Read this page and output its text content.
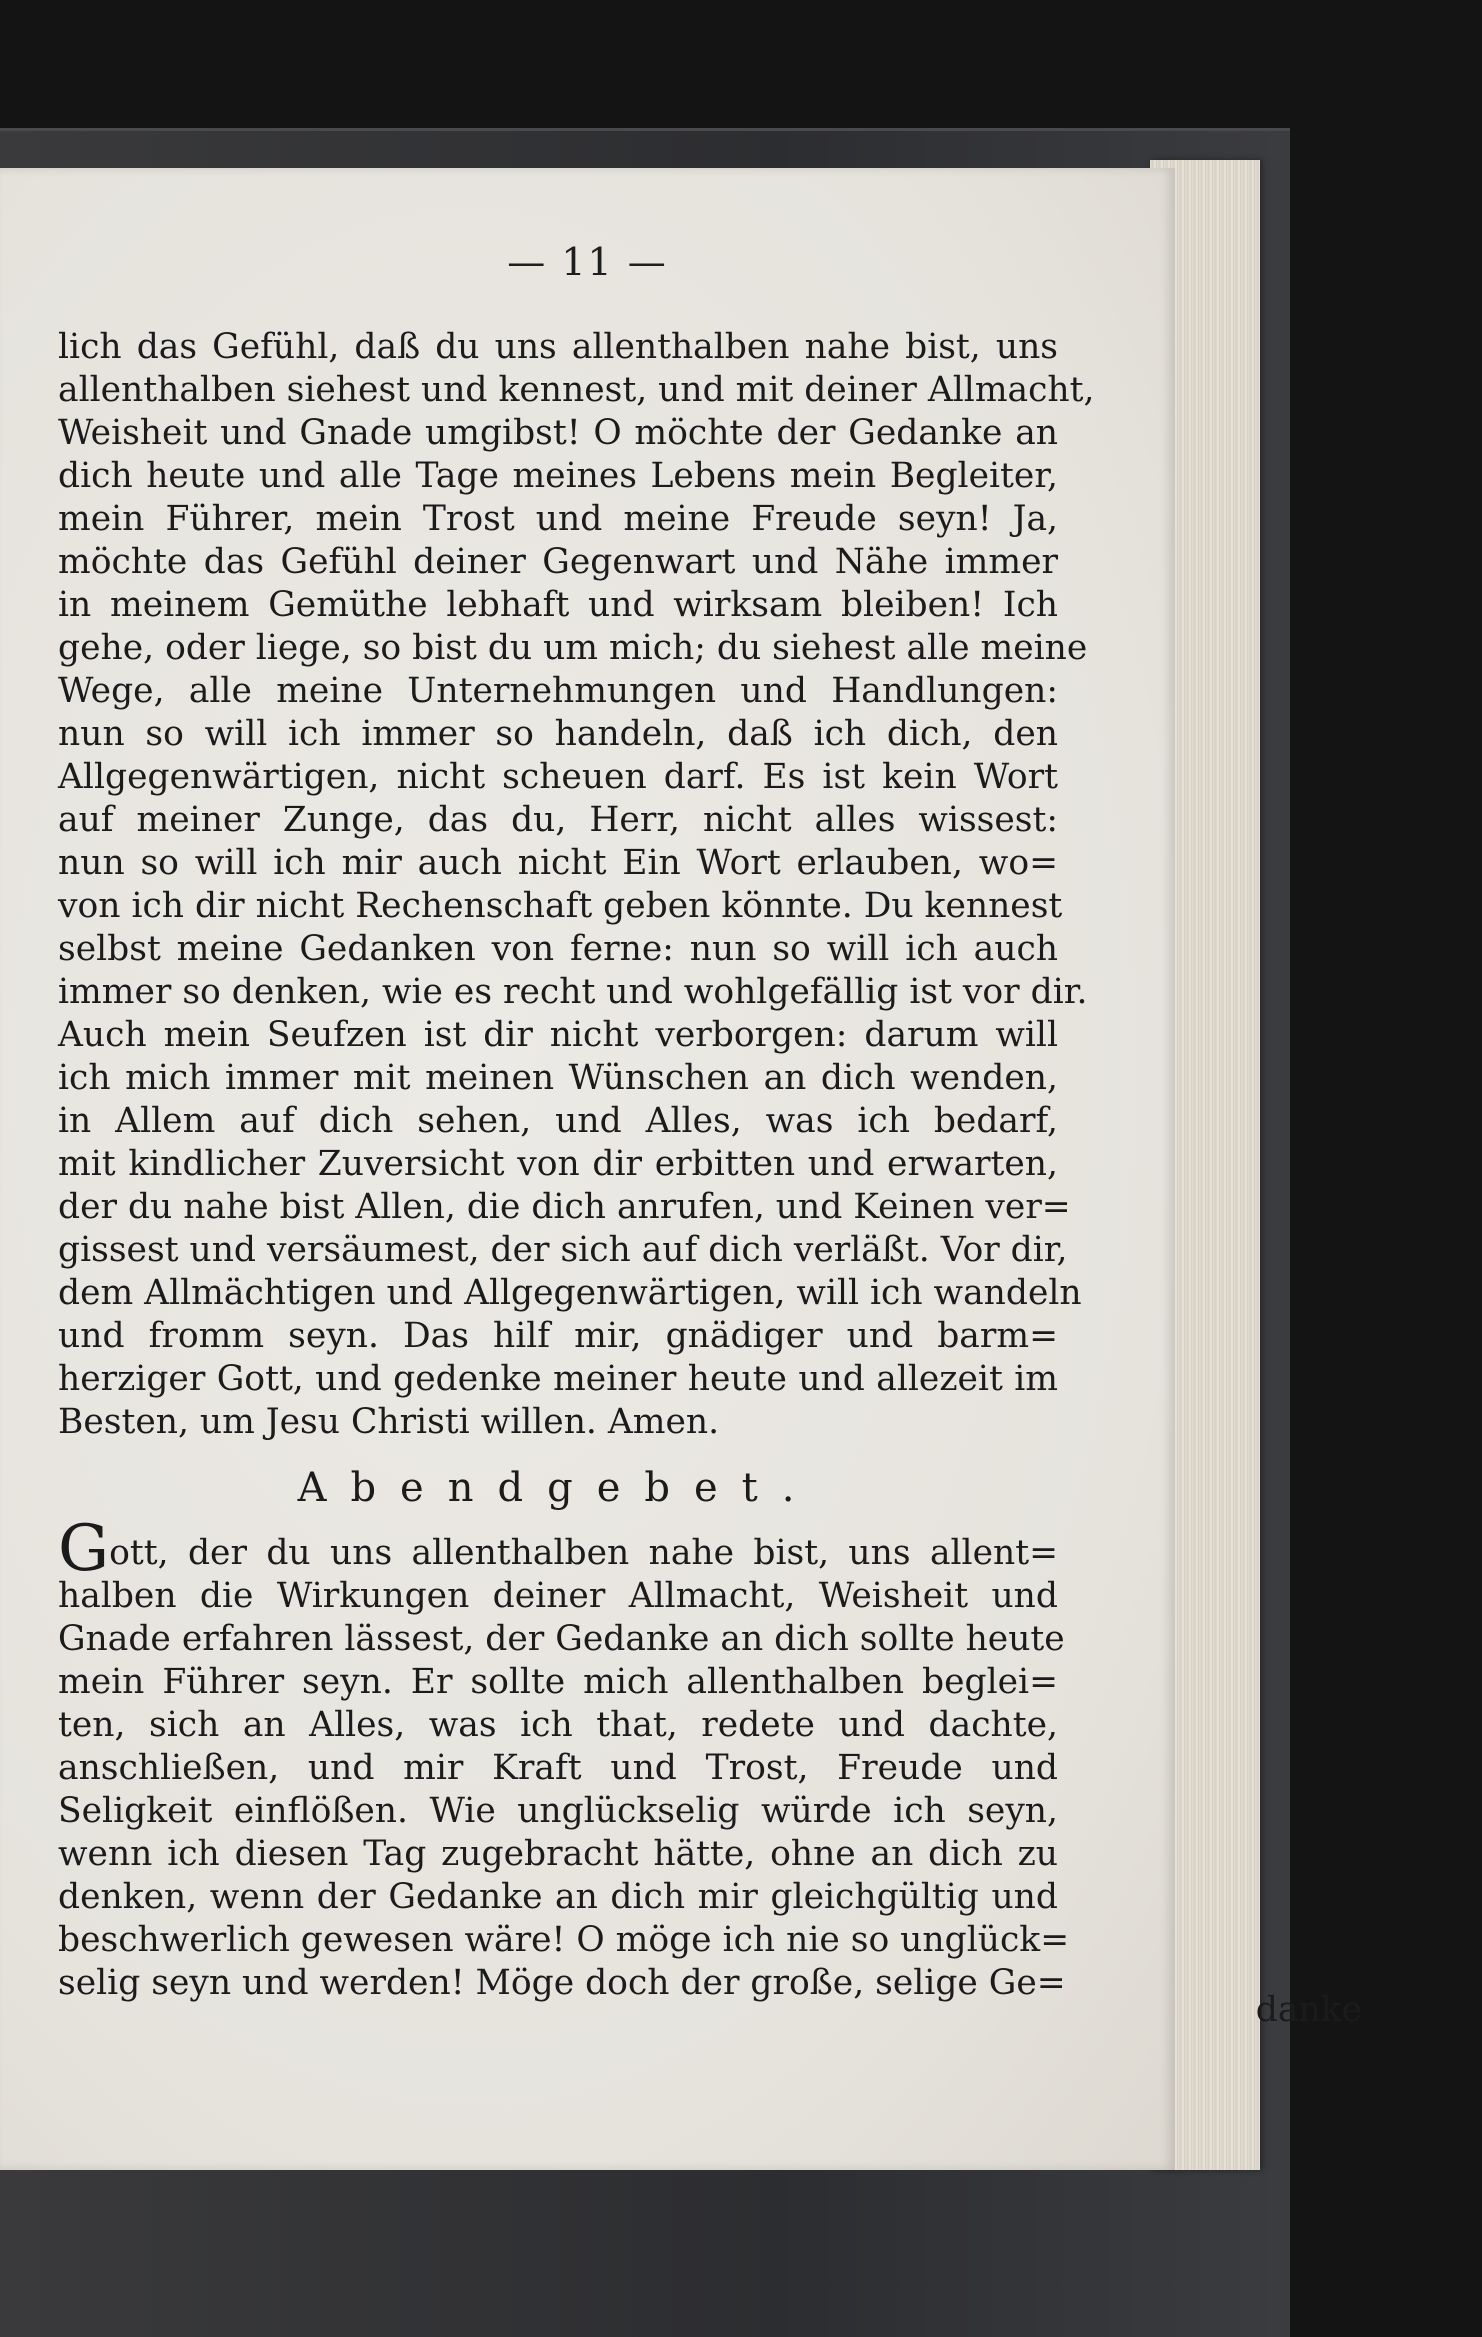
— 11 —
lich das Gefühl, daß du uns allenthalben nahe bist, uns
allenthalben siehest und kennest, und mit deiner Allmacht,
Weisheit und Gnade umgibst! O möchte der Gedanke an
dich heute und alle Tage meines Lebens mein Begleiter,
mein Führer, mein Trost und meine Freude seyn! Ja,
möchte das Gefühl deiner Gegenwart und Nähe immer
in meinem Gemüthe lebhaft und wirksam bleiben! Ich
gehe, oder liege, so bist du um mich; du siehest alle meine
Wege, alle meine Unternehmungen und Handlungen:
nun so will ich immer so handeln, daß ich dich, den
Allgegenwärtigen, nicht scheuen darf. Es ist kein Wort
auf meiner Zunge, das du, Herr, nicht alles wissest:
nun so will ich mir auch nicht Ein Wort erlauben, wo=
von ich dir nicht Rechenschaft geben könnte. Du kennest
selbst meine Gedanken von ferne: nun so will ich auch
immer so denken, wie es recht und wohlgefällig ist vor dir.
Auch mein Seufzen ist dir nicht verborgen: darum will
ich mich immer mit meinen Wünschen an dich wenden,
in Allem auf dich sehen, und Alles, was ich bedarf,
mit kindlicher Zuversicht von dir erbitten und erwarten,
der du nahe bist Allen, die dich anrufen, und Keinen ver=
gissest und versäumest, der sich auf dich verläßt. Vor dir,
dem Allmächtigen und Allgegenwärtigen, will ich wandeln
und fromm seyn. Das hilf mir, gnädiger und barm=
herziger Gott, und gedenke meiner heute und allezeit im
Besten, um Jesu Christi willen. Amen.
Abendgebet.
Gott, der du uns allenthalben nahe bist, uns allent=
halben die Wirkungen deiner Allmacht, Weisheit und
Gnade erfahren lässest, der Gedanke an dich sollte heute
mein Führer seyn. Er sollte mich allenthalben beglei=
ten, sich an Alles, was ich that, redete und dachte,
anschließen, und mir Kraft und Trost, Freude und
Seligkeit einflößen. Wie unglückselig würde ich seyn,
wenn ich diesen Tag zugebracht hätte, ohne an dich zu
denken, wenn der Gedanke an dich mir gleichgültig und
beschwerlich gewesen wäre! O möge ich nie so unglück=
selig seyn und werden! Möge doch der große, selige Ge=
danke
